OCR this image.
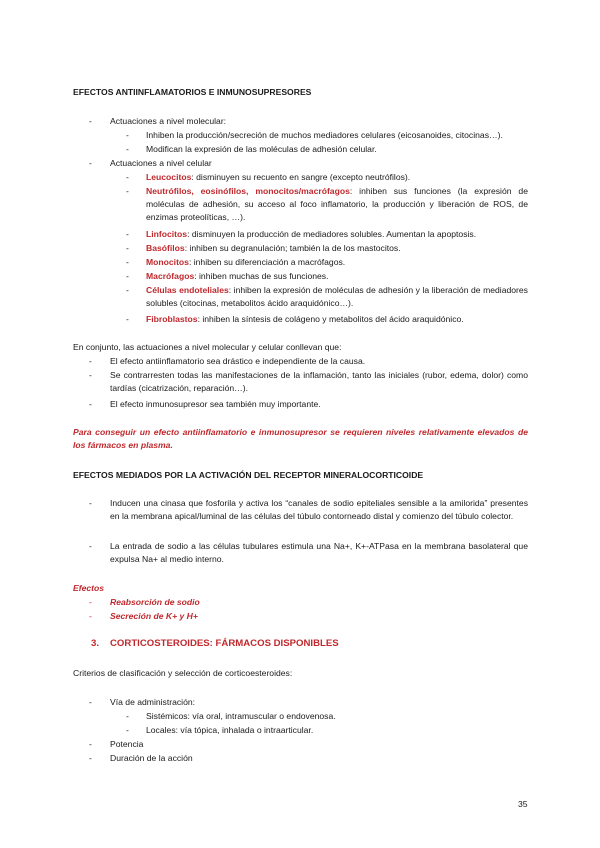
EFECTOS ANTIINFLAMATORIOS E INMUNOSUPRESORES
- Actuaciones a nivel molecular:
- Inhiben la producción/secreción de muchos mediadores celulares (eicosanoides, citocinas…).
- Modifican la expresión de las moléculas de adhesión celular.
- Actuaciones a nivel celular
- Leucocitos: disminuyen su recuento en sangre (excepto neutrófilos).
- Neutrófilos, eosinófilos, monocitos/macrófagos: inhiben sus funciones (la expresión de moléculas de adhesión, su acceso al foco inflamatorio, la producción y liberación de ROS, de enzimas proteolíticas, …).
- Linfocitos: disminuyen la producción de mediadores solubles. Aumentan la apoptosis.
- Basófilos: inhiben su degranulación; también la de los mastocitos.
- Monocitos: inhiben su diferenciación a macrófagos.
- Macrófagos: inhiben muchas de sus funciones.
- Células endoteliales: inhiben la expresión de moléculas de adhesión y la liberación de mediadores solubles (citocinas, metabolitos ácido araquidónico…).
- Fibroblastos: inhiben la síntesis de colágeno y metabolitos del ácido araquidónico.
En conjunto, las actuaciones a nivel molecular y celular conllevan que:
- El efecto antiinflamatorio sea drástico e independiente de la causa.
- Se contrarresten todas las manifestaciones de la inflamación, tanto las iniciales (rubor, edema, dolor) como tardías (cicatrización, reparación…).
- El efecto inmunosupresor sea también muy importante.
Para conseguir un efecto antiinflamatorio e inmunosupresor se requieren niveles relativamente elevados de los fármacos en plasma.
EFECTOS MEDIADOS POR LA ACTIVACIÓN DEL RECEPTOR MINERALOCORTICOIDE
- Inducen una cinasa que fosforila y activa los “canales de sodio epiteliales sensible a la amilorida” presentes en la membrana apical/luminal de las células del túbulo contorneado distal y comienzo del túbulo colector.
- La entrada de sodio a las células tubulares estimula una Na+, K+-ATPasa en la membrana basolateral que expulsa Na+ al medio interno.
Efectos
- Reabsorción de sodio
- Secreción de K+ y H+
3. CORTICOSTEROIDES: FÁRMACOS DISPONIBLES
Criterios de clasificación y selección de corticoesteroides:
- Vía de administración:
- Sistémicos: vía oral, intramuscular o endovenosa.
- Locales: vía tópica, inhalada o intraarticular.
- Potencia
- Duración de la acción
35
